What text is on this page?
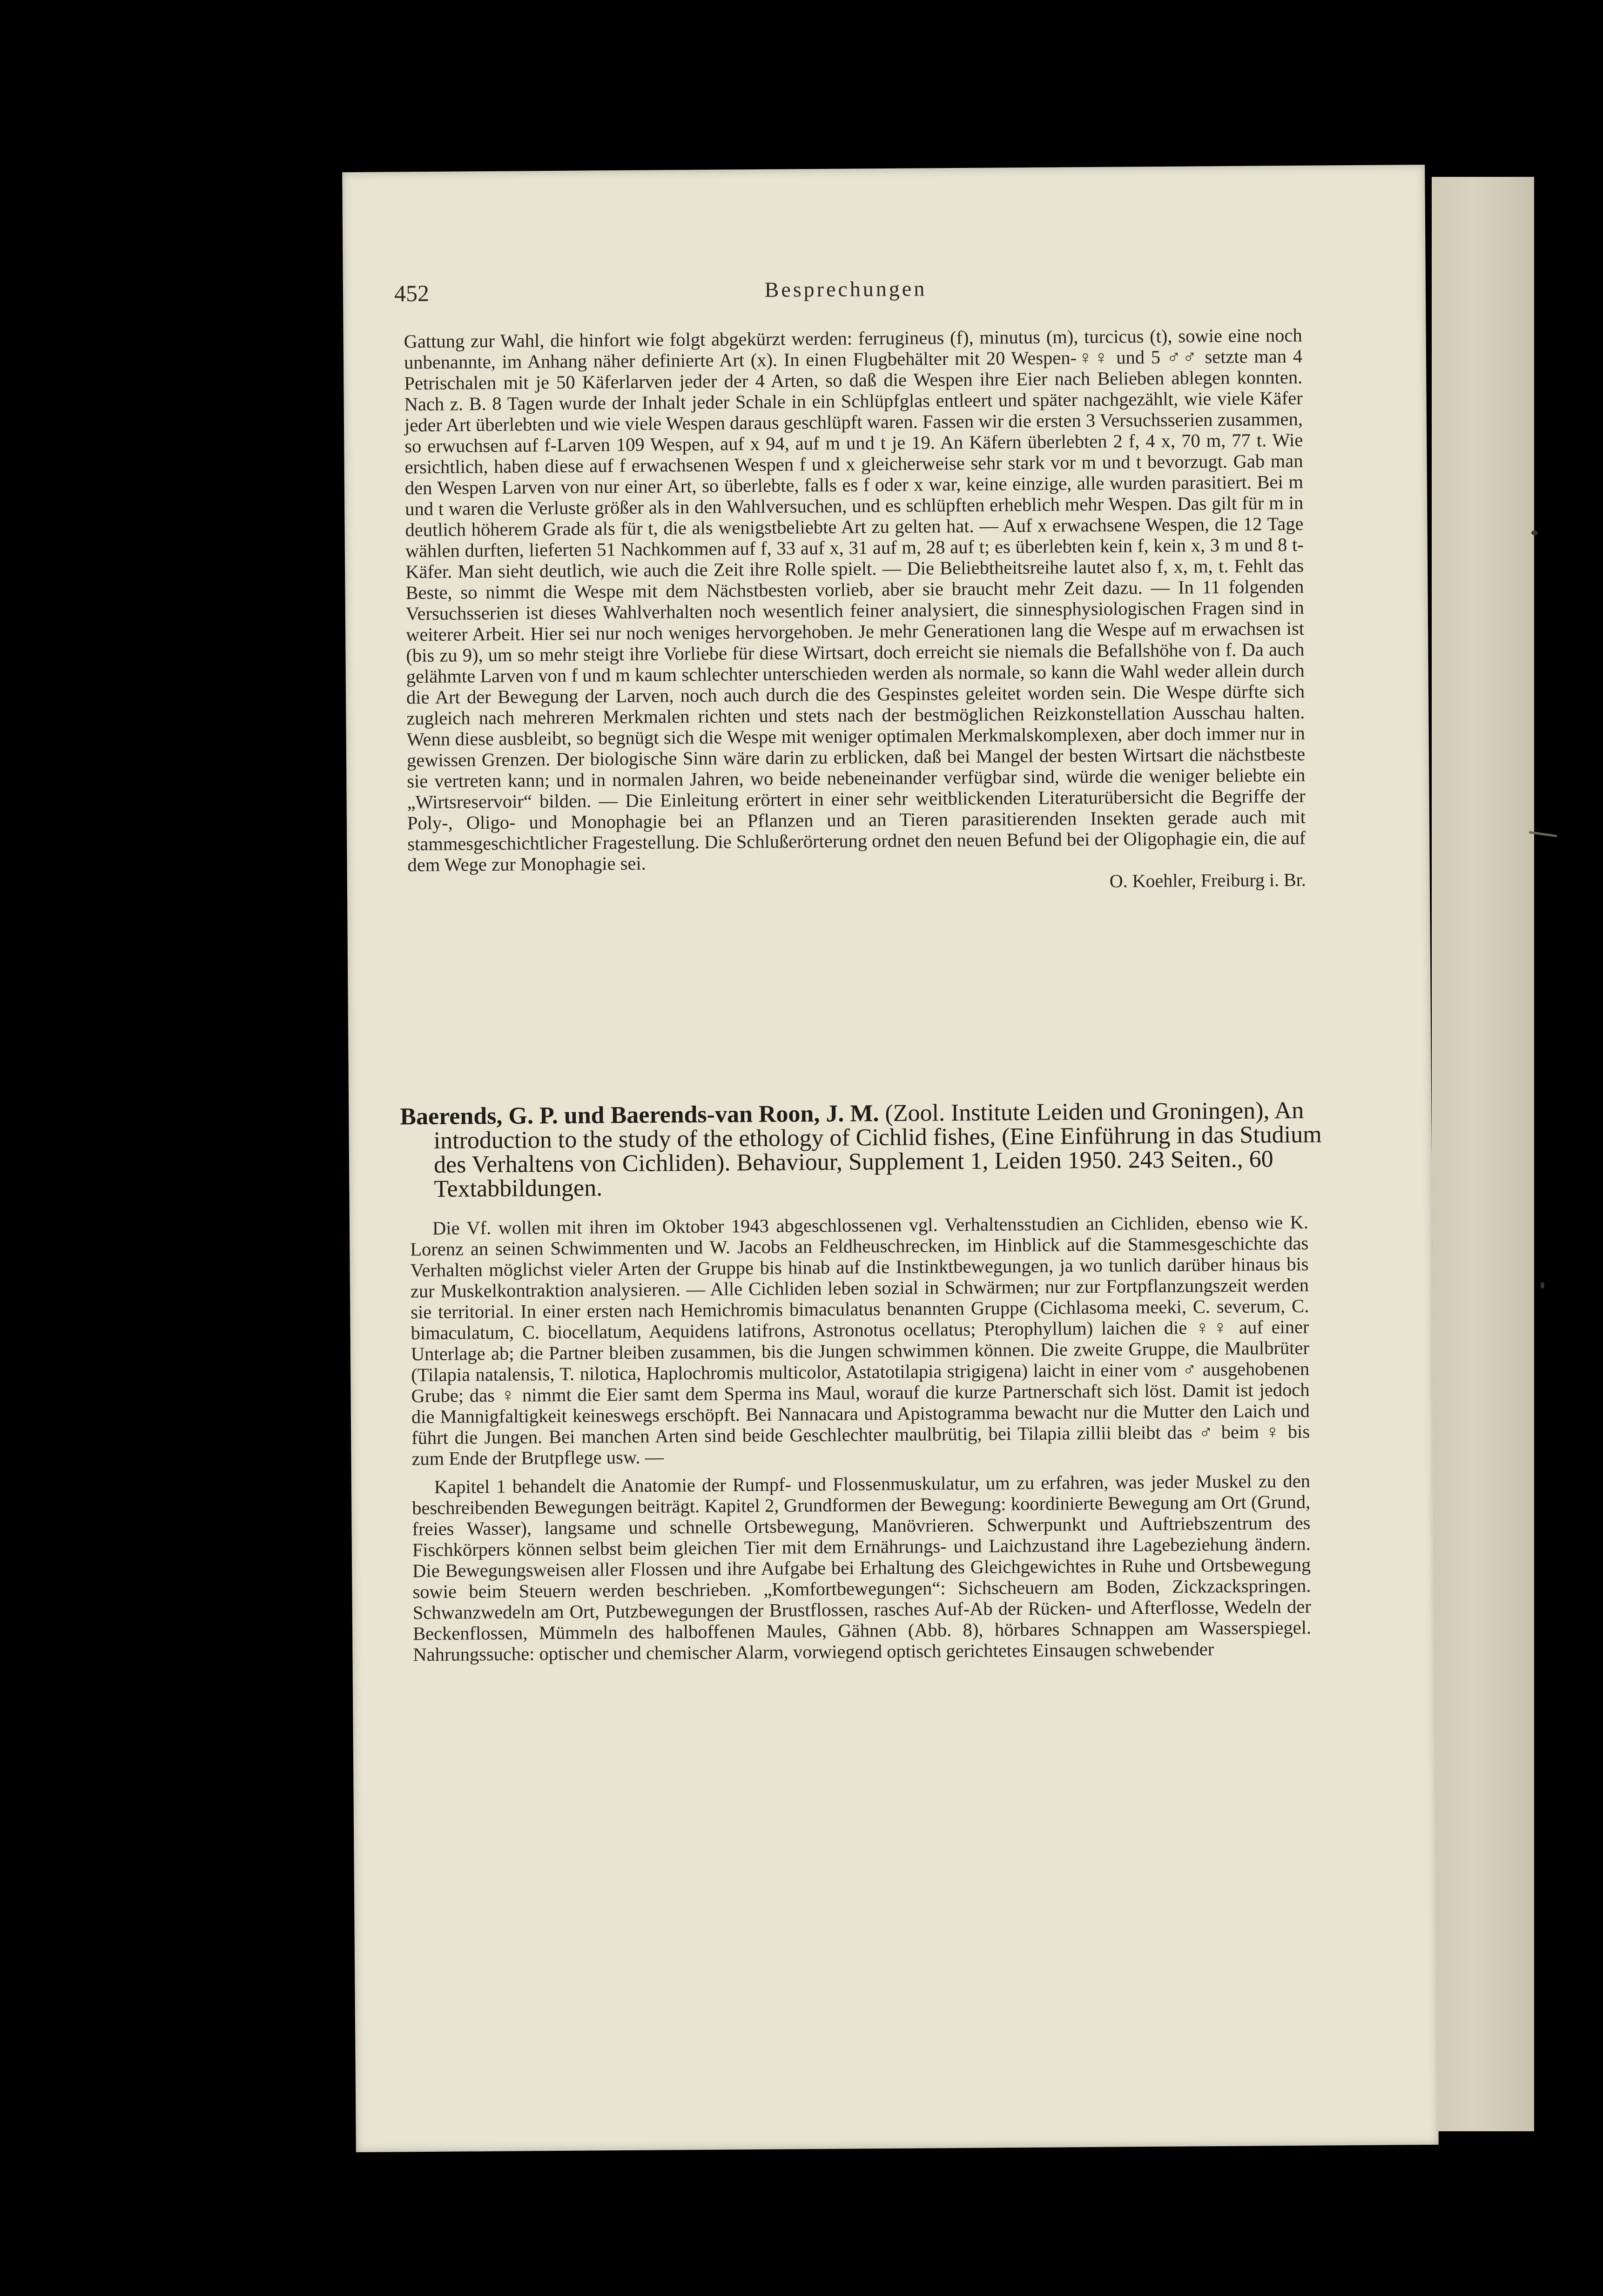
452	Besprechungen

Gattung zur Wahl, die hinfort wie folgt abgekürzt werden: ferrugineus (f), minutus (m), turcicus (t), sowie eine noch unbenannte, im Anhang näher definierte Art (x). In einen Flugbehälter mit 20 Wespen-♀♀ und 5 ♂♂ setzte man 4 Petrischalen mit je 50 Käferlarven jeder der 4 Arten, so daß die Wespen ihre Eier nach Belieben ablegen konnten. Nach z. B. 8 Tagen wurde der Inhalt jeder Schale in ein Schlüpfglas entleert und später nachgezählt, wie viele Käfer jeder Art überlebten und wie viele Wespen daraus geschlüpft waren. Fassen wir die ersten 3 Versuchsserien zusammen, so erwuchsen auf f-Larven 109 Wespen, auf x 94, auf m und t je 19. An Käfern überlebten 2 f, 4 x, 70 m, 77 t. Wie ersichtlich, haben diese auf f erwachsenen Wespen f und x gleicherweise sehr stark vor m und t bevorzugt. Gab man den Wespen Larven von nur einer Art, so überlebte, falls es f oder x war, keine einzige, alle wurden parasitiert. Bei m und t waren die Verluste größer als in den Wahlversuchen, und es schlüpften erheblich mehr Wespen. Das gilt für m in deutlich höherem Grade als für t, die als wenigstbeliebte Art zu gelten hat. — Auf x erwachsene Wespen, die 12 Tage wählen durften, lieferten 51 Nachkommen auf f, 33 auf x, 31 auf m, 28 auf t; es überlebten kein f, kein x, 3 m und 8 t-Käfer. Man sieht deutlich, wie auch die Zeit ihre Rolle spielt. — Die Beliebtheitsreihe lautet also f, x, m, t. Fehlt das Beste, so nimmt die Wespe mit dem Nächstbesten vorlieb, aber sie braucht mehr Zeit dazu. — In 11 folgenden Versuchsserien ist dieses Wahlverhalten noch wesentlich feiner analysiert, die sinnesphysiologischen Fragen sind in weiterer Arbeit. Hier sei nur noch weniges hervorgehoben. Je mehr Generationen lang die Wespe auf m erwachsen ist (bis zu 9), um so mehr steigt ihre Vorliebe für diese Wirtsart, doch erreicht sie niemals die Befallshöhe von f. Da auch gelähmte Larven von f und m kaum schlechter unterschieden werden als normale, so kann die Wahl weder allein durch die Art der Bewegung der Larven, noch auch durch die des Gespinstes geleitet worden sein. Die Wespe dürfte sich zugleich nach mehreren Merkmalen richten und stets nach der bestmöglichen Reizkonstellation Ausschau halten. Wenn diese ausbleibt, so begnügt sich die Wespe mit weniger optimalen Merkmalskomplexen, aber doch immer nur in gewissen Grenzen. Der biologische Sinn wäre darin zu erblicken, daß bei Mangel der besten Wirtsart die nächstbeste sie vertreten kann; und in normalen Jahren, wo beide nebeneinander verfügbar sind, würde die weniger beliebte ein „Wirtsreservoir“ bilden. — Die Einleitung erörtert in einer sehr weitblickenden Literaturübersicht die Begriffe der Poly-, Oligo- und Monophagie bei an Pflanzen und an Tieren parasitierenden Insekten gerade auch mit stammesgeschichtlicher Fragestellung. Die Schlußerörterung ordnet den neuen Befund bei der Oligophagie ein, die auf dem Wege zur Monophagie sei.

O. Koehler, Freiburg i. Br.

Baerends, G. P. und Baerends-van Roon, J. M. (Zool. Institute Leiden und Groningen), An introduction to the study of the ethology of Cichlid fishes, (Eine Einführung in das Studium des Verhaltens von Cichliden). Behaviour, Supplement 1, Leiden 1950. 243 Seiten., 60 Textabbildungen.

Die Vf. wollen mit ihren im Oktober 1943 abgeschlossenen vgl. Verhaltensstudien an Cichliden, ebenso wie K. Lorenz an seinen Schwimmenten und W. Jacobs an Feldheuschrecken, im Hinblick auf die Stammesgeschichte das Verhalten möglichst vieler Arten der Gruppe bis hinab auf die Instinktbewegungen, ja wo tunlich darüber hinaus bis zur Muskelkontraktion analysieren. — Alle Cichliden leben sozial in Schwärmen; nur zur Fortpflanzungszeit werden sie territorial. In einer ersten nach Hemichromis bimaculatus benannten Gruppe (Cichlasoma meeki, C. severum, C. bimaculatum, C. biocellatum, Aequidens latifrons, Astronotus ocellatus; Pterophyllum) laichen die ♀♀ auf einer Unterlage ab; die Partner bleiben zusammen, bis die Jungen schwimmen können. Die zweite Gruppe, die Maulbrüter (Tilapia natalensis, T. nilotica, Haplochromis multicolor, Astatotilapia strigigena) laicht in einer vom ♂ ausgehobenen Grube; das ♀ nimmt die Eier samt dem Sperma ins Maul, worauf die kurze Partnerschaft sich löst. Damit ist jedoch die Mannigfaltigkeit keineswegs erschöpft. Bei Nannacara und Apistogramma bewacht nur die Mutter den Laich und führt die Jungen. Bei manchen Arten sind beide Geschlechter maulbrütig, bei Tilapia zillii bleibt das ♂ beim ♀ bis zum Ende der Brutpflege usw. —

Kapitel 1 behandelt die Anatomie der Rumpf- und Flossenmuskulatur, um zu erfahren, was jeder Muskel zu den beschreibenden Bewegungen beiträgt. Kapitel 2, Grundformen der Bewegung: koordinierte Bewegung am Ort (Grund, freies Wasser), langsame und schnelle Ortsbewegung, Manövrieren. Schwerpunkt und Auftriebszentrum des Fischkörpers können selbst beim gleichen Tier mit dem Ernährungs- und Laichzustand ihre Lagebeziehung ändern. Die Bewegungsweisen aller Flossen und ihre Aufgabe bei Erhaltung des Gleichgewichtes in Ruhe und Ortsbewegung sowie beim Steuern werden beschrieben. „Komfortbewegungen“: Sichscheuern am Boden, Zickzackspringen. Schwanzwedeln am Ort, Putzbewegungen der Brustflossen, rasches Auf-Ab der Rücken- und Afterflosse, Wedeln der Beckenflossen, Mümmeln des halboffenen Maules, Gähnen (Abb. 8), hörbares Schnappen am Wasserspiegel. Nahrungssuche: optischer und chemischer Alarm, vorwiegend optisch gerichtetes Einsaugen schwebender
